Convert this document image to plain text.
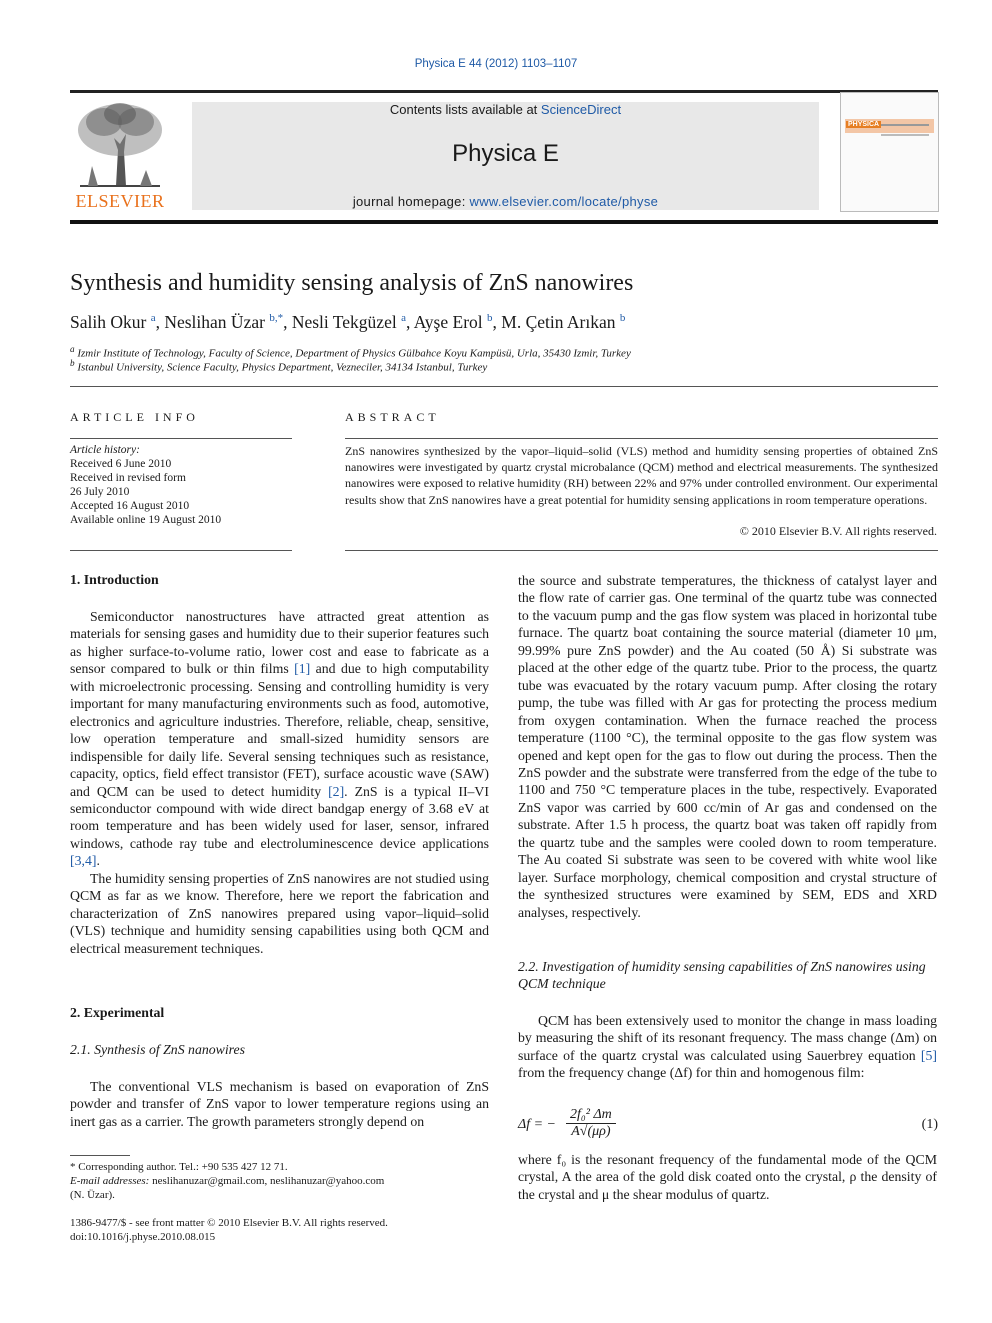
Physica E 44 (2012) 1103–1107
ELSEVIER
Contents lists available at ScienceDirect
Physica E
journal homepage: www.elsevier.com/locate/physe
PHYSICA
Synthesis and humidity sensing analysis of ZnS nanowires
Salih Okur $^a$, Neslihan Üzar $^{b,*}$, Nesli Tekgüzel $^a$, Ayşe Erol $^b$, M. Çetin Arıkan $^b$
$^a$ Izmir Institute of Technology, Faculty of Science, Department of Physics Gülbahce Koyu Kampüsü, Urla, 35430 Izmir, Turkey
$^b$ Istanbul University, Science Faculty, Physics Department, Vezneciler, 34134 Istanbul, Turkey
ARTICLE INFO	ABSTRACT
Article history:
Received 6 June 2010
Received in revised form
26 July 2010
Accepted 16 August 2010
Available online 19 August 2010
ZnS nanowires synthesized by the vapor–liquid–solid (VLS) method and humidity sensing properties of obtained ZnS nanowires were investigated by quartz crystal microbalance (QCM) method and electrical measurements. The synthesized nanowires were exposed to relative humidity (RH) between 22% and 97% under controlled environment. Our experimental results show that ZnS nanowires have a great potential for humidity sensing applications in room temperature operations.
© 2010 Elsevier B.V. All rights reserved.
1. Introduction

Semiconductor nanostructures have attracted great attention as materials for sensing gases and humidity due to their superior features such as higher surface-to-volume ratio, lower cost and ease to fabricate as a sensor compared to bulk or thin films [1] and due to high computability with microelectronic processing. Sensing and controlling humidity is very important for many manufacturing environments such as food, automotive, electronics and agriculture industries. Therefore, reliable, cheap, sensitive, low operation temperature and small-sized humidity sensors are indispensible for daily life. Several sensing techniques such as resistance, capacity, optics, field effect transistor (FET), surface acoustic wave (SAW) and QCM can be used to detect humidity [2]. ZnS is a typical II–VI semiconductor compound with wide direct bandgap energy of 3.68 eV at room temperature and has been widely used for laser, sensor, infrared windows, cathode ray tube and electroluminescence device applications [3,4].

The humidity sensing properties of ZnS nanowires are not studied using QCM as far as we know. Therefore, here we report the fabrication and characterization of ZnS nanowires prepared using vapor–liquid–solid (VLS) technique and humidity sensing capabilities using both QCM and electrical measurement techniques.

2. Experimental
2.1. Synthesis of ZnS nanowires

The conventional VLS mechanism is based on evaporation of ZnS powder and transfer of ZnS vapor to lower temperature regions using an inert gas as a carrier. The growth parameters strongly depend on

the source and substrate temperatures, the thickness of catalyst layer and the flow rate of carrier gas. One terminal of the quartz tube was connected to the vacuum pump and the gas flow system was placed in horizontal tube furnace. The quartz boat containing the source material (diameter 10 μm, 99.99% pure ZnS powder) and the Au coated (50 Å) Si substrate was placed at the other edge of the quartz tube. Prior to the process, the quartz tube was evacuated by the rotary vacuum pump. After closing the rotary pump, the tube was filled with Ar gas for protecting the process medium from oxygen contamination. When the furnace reached the process temperature (1100 °C), the terminal opposite to the gas flow system was opened and kept open for the gas to flow out during the process. Then the ZnS powder and the substrate were transferred from the edge of the tube to 1100 and 750 °C temperature places in the tube, respectively. Evaporated ZnS vapor was carried by 600 cc/min of Ar gas and condensed on the substrate. After 1.5 h process, the quartz boat was taken off rapidly from the quartz tube and the samples were cooled down to room temperature. The Au coated Si substrate was seen to be covered with white wool like layer. Surface morphology, chemical composition and crystal structure of the synthesized structures were examined by SEM, EDS and XRD analyses, respectively.

2.2. Investigation of humidity sensing capabilities of ZnS nanowires using QCM technique

QCM has been extensively used to monitor the change in mass loading by measuring the shift of its resonant frequency. The mass change (Δm) on surface of the quartz crystal was calculated using Sauerbrey equation [5] from the frequency change (Δf) for thin and homogenous film:

Δf = − $\frac{\text{2f₀² Δm}}{A√(\mu\rho)}$	(1)

where f₀ is the resonant frequency of the fundamental mode of the QCM crystal, A the area of the gold disk coated onto the crystal, ρ the density of the crystal and μ the shear modulus of quartz.

* Corresponding author. Tel.: +90 535 427 12 71.
E-mail addresses: neslihanuzar@gmail.com, neslihanuzar@yahoo.com
(N. Üzar).
1386-9477/$ - see front matter © 2010 Elsevier B.V. All rights reserved.
doi:10.1016/j.physe.2010.08.015
